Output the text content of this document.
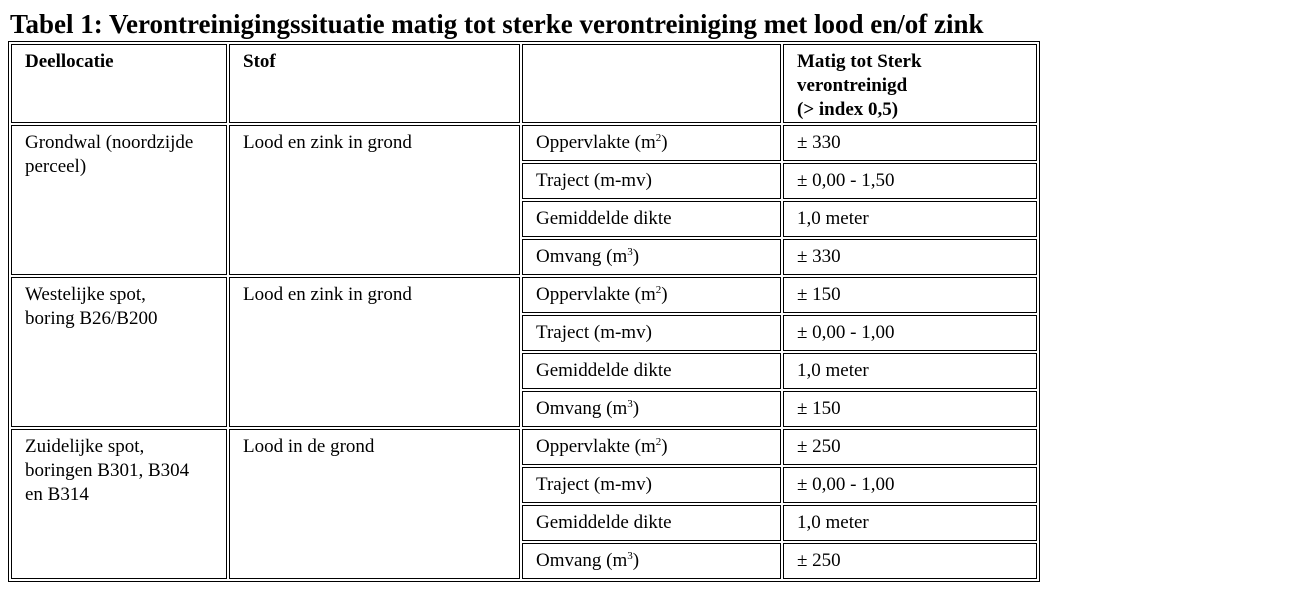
Tabel 1: Verontreinigingssituatie matig tot sterke verontreiniging met lood en/of zink
Deellocatie	Stof		Matig tot Sterk
verontreinigd
(> index 0,5)

Grondwal (noordzijde
perceel)	Lood en zink in grond	Oppervlakte $(m^2)$	± 330
		Traject (m-mv)	± 0,00 - 1,50
		Gemiddelde dikte	1,0 meter
		Omvang $(m^3)$	± 330

Westelijke spot,
boring B26/B200	Lood en zink in grond	Oppervlakte $(m^2)$	± 150
		Traject (m-mv)	± 0,00 - 1,00
		Gemiddelde dikte	1,0 meter
		Omvang $(m^3)$	± 150

Zuidelijke spot,
boringen B301, B304
en B314	Lood in de grond	Oppervlakte $(m^2)$	± 250
		Traject (m-mv)	± 0,00 - 1,00
		Gemiddelde dikte	1,0 meter
		Omvang $(m^3)$	± 250
